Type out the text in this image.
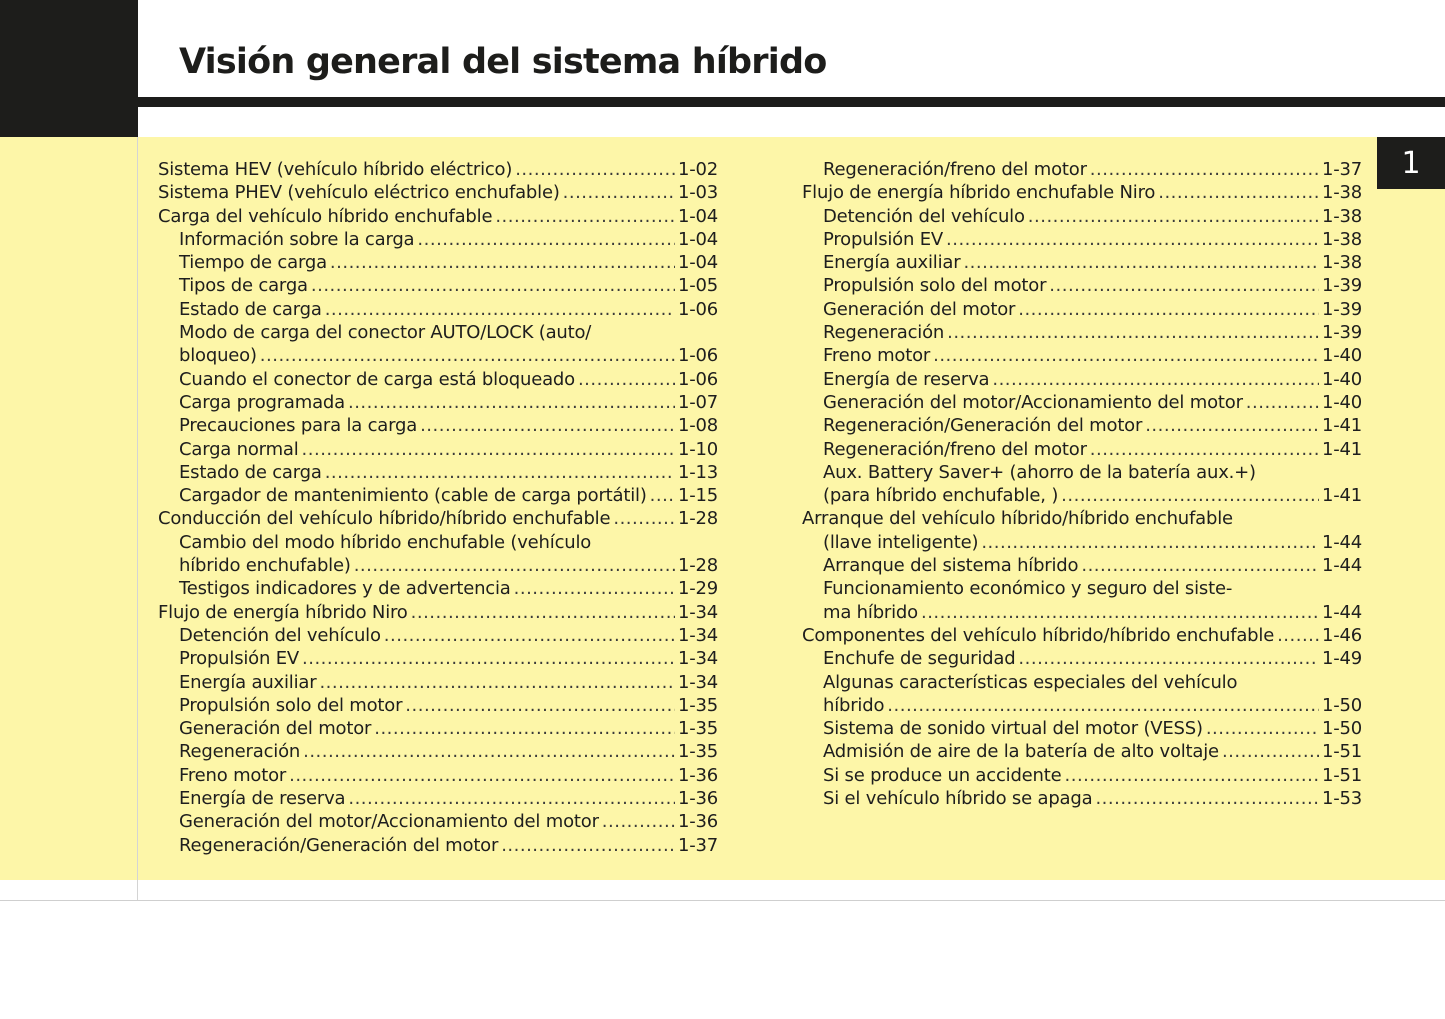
Visión general del sistema híbrido
1
Sistema HEV (vehículo híbrido eléctrico) .....	1-02
Sistema PHEV (vehículo eléctrico enchufable) .....	1-03
Carga del vehículo híbrido enchufable .....	1-04
Información sobre la carga .....	1-04
Tiempo de carga .....	1-04
Tipos de carga .....	1-05
Estado de carga .....	1-06
Modo de carga del conector AUTO/LOCK (auto/
bloqueo) .....	1-06
Cuando el conector de carga está bloqueado .....	1-06
Carga programada .....	1-07
Precauciones para la carga .....	1-08
Carga normal .....	1-10
Estado de carga .....	1-13
Cargador de mantenimiento (cable de carga portátil) ..... 1-15
Conducción del vehículo híbrido/híbrido enchufable .....	1-28
Cambio del modo híbrido enchufable (vehículo
híbrido enchufable) .....	1-28
Testigos indicadores y de advertencia .....	1-29
Flujo de energía híbrido Niro .....	1-34
Detención del vehículo .....	1-34
Propulsión EV .....	1-34
Energía auxiliar .....	1-34
Propulsión solo del motor .....	1-35
Generación del motor .....	1-35
Regeneración .....	1-35
Freno motor .....	1-36
Energía de reserva .....	1-36
Generación del motor/Accionamiento del motor .....	1-36
Regeneración/Generación del motor .....	1-37
Regeneración/freno del motor .....	1-37
Flujo de energía híbrido enchufable Niro .....	1-38
Detención del vehículo .....	1-38
Propulsión EV .....	1-38
Energía auxiliar .....	1-38
Propulsión solo del motor .....	1-39
Generación del motor .....	1-39
Regeneración .....	1-39
Freno motor .....	1-40
Energía de reserva .....	1-40
Generación del motor/Accionamiento del motor .....	1-40
Regeneración/Generación del motor .....	1-41
Regeneración/freno del motor .....	1-41
Aux. Battery Saver+ (ahorro de la batería aux.+)
(para híbrido enchufable, ) .....	1-41
Arranque del vehículo híbrido/híbrido enchufable
(llave inteligente) .....	1-44
Arranque del sistema híbrido .....	1-44
Funcionamiento económico y seguro del siste-
ma híbrido .....	1-44
Componentes del vehículo híbrido/híbrido enchufable .....	1-46
Enchufe de seguridad .....	1-49
Algunas características especiales del vehículo
híbrido .....	1-50
Sistema de sonido virtual del motor (VESS) .....	1-50
Admisión de aire de la batería de alto voltaje .....	1-51
Si se produce un accidente .....	1-51
Si el vehículo híbrido se apaga .....	1-53
